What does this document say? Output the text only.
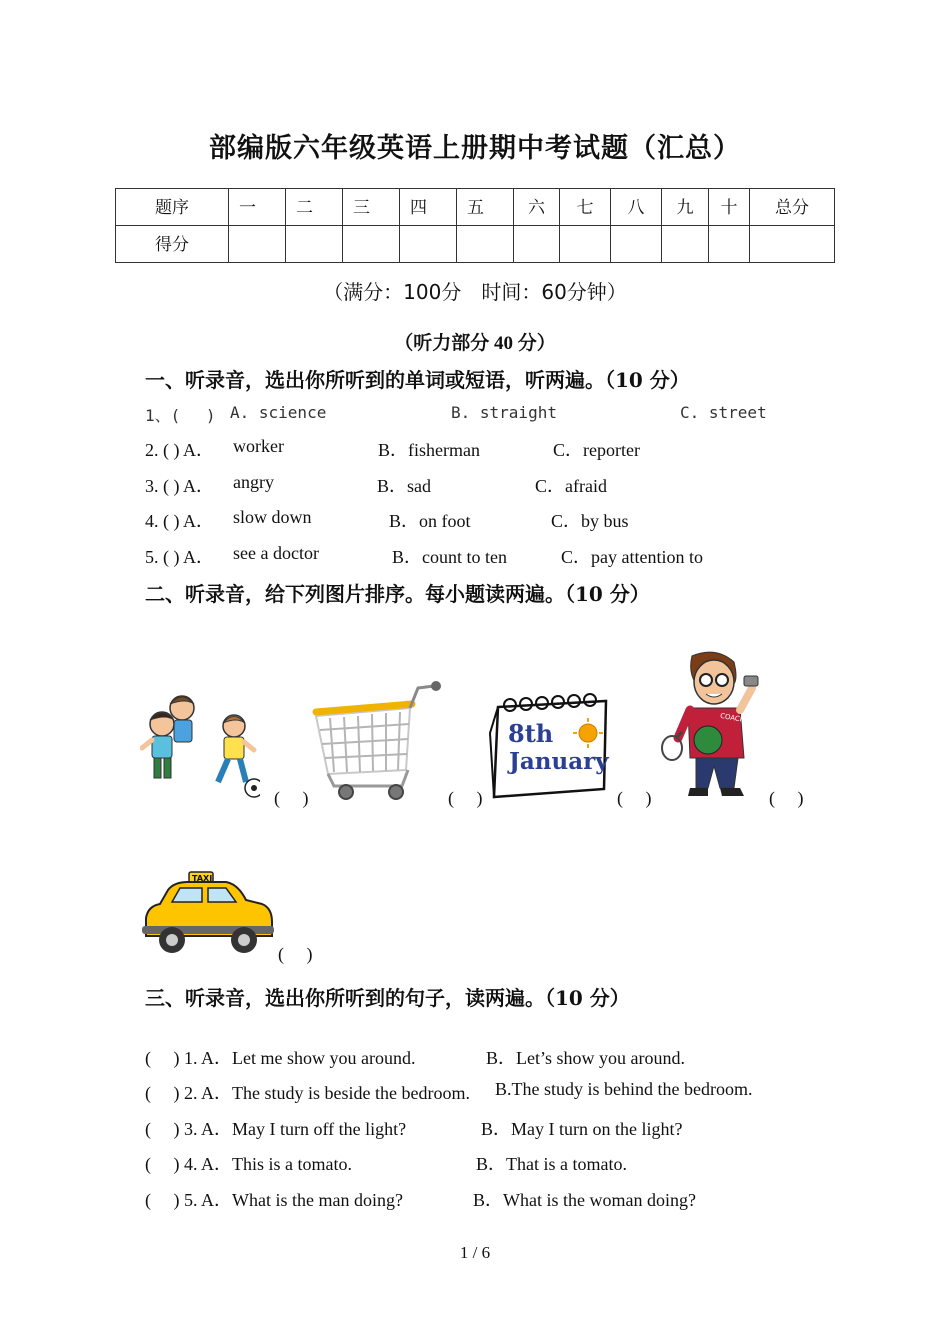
部编版六年级英语上册期中考试题（汇总）
题序	一	二	三	四	五	六	七	八	九	十	总分

得分											

（满分：100分　时间：60分钟）
（听力部分 40 分）
一、听录音，选出你所听到的单词或短语，听两遍。（10 分）
1、(　 ) A. science	B. straight	C. street
2. ( ) A． worker	B．fisherman	C．reporter
3. ( ) A． angry	B．sad	C．afraid
4. ( ) A． slow down	B．on foot	C．by bus
5. ( ) A． see a doctor	B．count to ten	C．pay attention to
二、听录音，给下列图片排序。每小题读两遍。（10 分）
(　 )	(　 )
8th
January
(　 )
COACH
(　 )
TAXI
(　 )
三、听录音，选出你所听到的句子，读两遍。（10 分）
(　 ) 1. A．Let me show you around.	B．Let’s show you around.
(　 ) 2. A．The study is beside the bedroom. B.The study is behind the bedroom.
(　 ) 3. A．May I turn off the light?	B．May I turn on the light?
(　 ) 4. A．This is a tomato.	B．That is a tomato.
(　 ) 5. A．What is the man doing?	B．What is the woman doing?
1 / 6
